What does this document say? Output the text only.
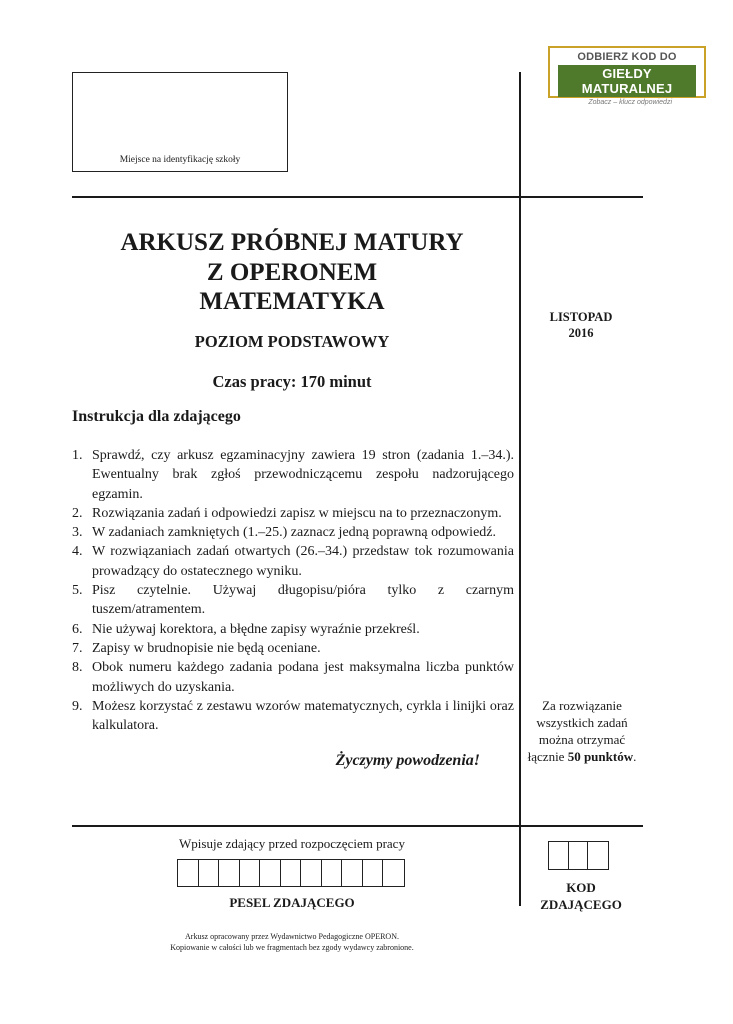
ODBIERZ KOD DO
GIEŁDY MATURALNEJ
Zobacz – klucz odpowiedzi
Miejsce na identyfikację szkoły
ARKUSZ PRÓBNEJ MATURY
Z OPERONEM
MATEMATYKA
POZIOM PODSTAWOWY
Czas pracy: 170 minut
LISTOPAD
2016
Instrukcja dla zdającego
1. Sprawdź, czy arkusz egzaminacyjny zawiera 19 stron (zadania 1.–34.). Ewentualny brak zgłoś przewodniczącemu zespołu nadzorującego egzamin.
2. Rozwiązania zadań i odpowiedzi zapisz w miejscu na to przeznaczonym.
3. W zadaniach zamkniętych (1.–25.) zaznacz jedną poprawną odpowiedź.
4. W rozwiązaniach zadań otwartych (26.–34.) przedstaw tok rozumowania prowadzący do ostatecznego wyniku.
5. Pisz czytelnie. Używaj długopisu/pióra tylko z czarnym tuszem/atramentem.
6. Nie używaj korektora, a błędne zapisy wyraźnie przekreśl.
7. Zapisy w brudnopisie nie będą oceniane.
8. Obok numeru każdego zadania podana jest maksymalna liczba punktów możliwych do uzyskania.
9. Możesz korzystać z zestawu wzorów matematycznych, cyrkla i linijki oraz kalkulatora.
Życzymy powodzenia!
Za rozwiązanie
wszystkich zadań
można otrzymać
łącznie 50 punktów.
Wpisuje zdający przed rozpoczęciem pracy
PESEL ZDAJĄCEGO
KOD
ZDAJĄCEGO
Arkusz opracowany przez Wydawnictwo Pedagogiczne OPERON.
Kopiowanie w całości lub we fragmentach bez zgody wydawcy zabronione.
